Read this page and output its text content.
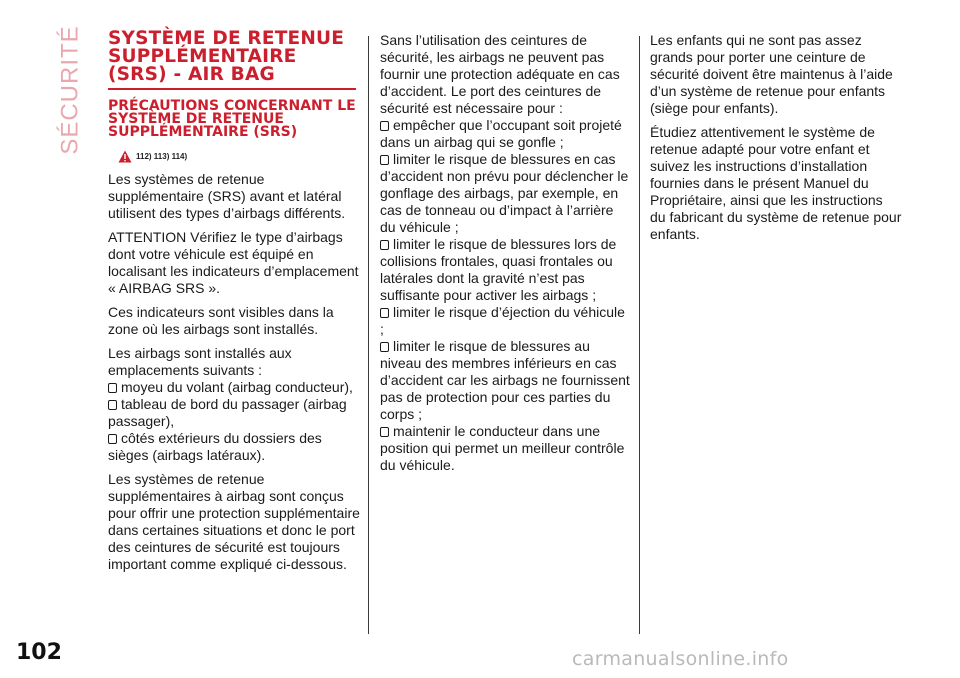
SÉCURITÉ SYSTÈME DE RETENUE SUPPLÉMENTAIRE (SRS) - AIR BAG
PRÉCAUTIONS CONCERNANT LE SYSTÈME DE RETENUE SUPPLÉMENTAIRE (SRS)
112) 113) 114)

Les systèmes de retenue supplémentaire (SRS) avant et latéral utilisent des types d’airbags différents.

ATTENTION Vérifiez le type d’airbags dont votre véhicule est équipé en localisant les indicateurs d’emplacement « AIRBAG SRS ».

Ces indicateurs sont visibles dans la zone où les airbags sont installés.

Les airbags sont installés aux emplacements suivants :

moyeu du volant (airbag conducteur),
tableau de bord du passager (airbag passager),
côtés extérieurs du dossiers des sièges (airbags latéraux).

Les systèmes de retenue supplémentaires à airbag sont conçus pour offrir une protection supplémentaire dans certaines situations et donc le port des ceintures de sécurité est toujours important comme expliqué ci-dessous.

Sans l’utilisation des ceintures de sécurité, les airbags ne peuvent pas fournir une protection adéquate en cas d’accident. Le port des ceintures de sécurité est nécessaire pour :

empêcher que l’occupant soit projeté dans un airbag qui se gonfle ;
limiter le risque de blessures en cas d’accident non prévu pour déclencher le gonflage des airbags, par exemple, en cas de tonneau ou d’impact à l’arrière du véhicule ;
limiter le risque de blessures lors de collisions frontales, quasi frontales ou latérales dont la gravité n’est pas suffisante pour activer les airbags ;
limiter le risque d’éjection du véhicule ;
limiter le risque de blessures au niveau des membres inférieurs en cas d’accident car les airbags ne fournissent pas de protection pour ces parties du corps ;
maintenir le conducteur dans une position qui permet un meilleur contrôle du véhicule.

Les enfants qui ne sont pas assez grands pour porter une ceinture de sécurité doivent être maintenus à l’aide d’un système de retenue pour enfants (siège pour enfants).

Étudiez attentivement le système de retenue adapté pour votre enfant et suivez les instructions d’installation fournies dans le présent Manuel du Propriétaire, ainsi que les instructions du fabricant du système de retenue pour enfants.

102	carmanualsonline.info
